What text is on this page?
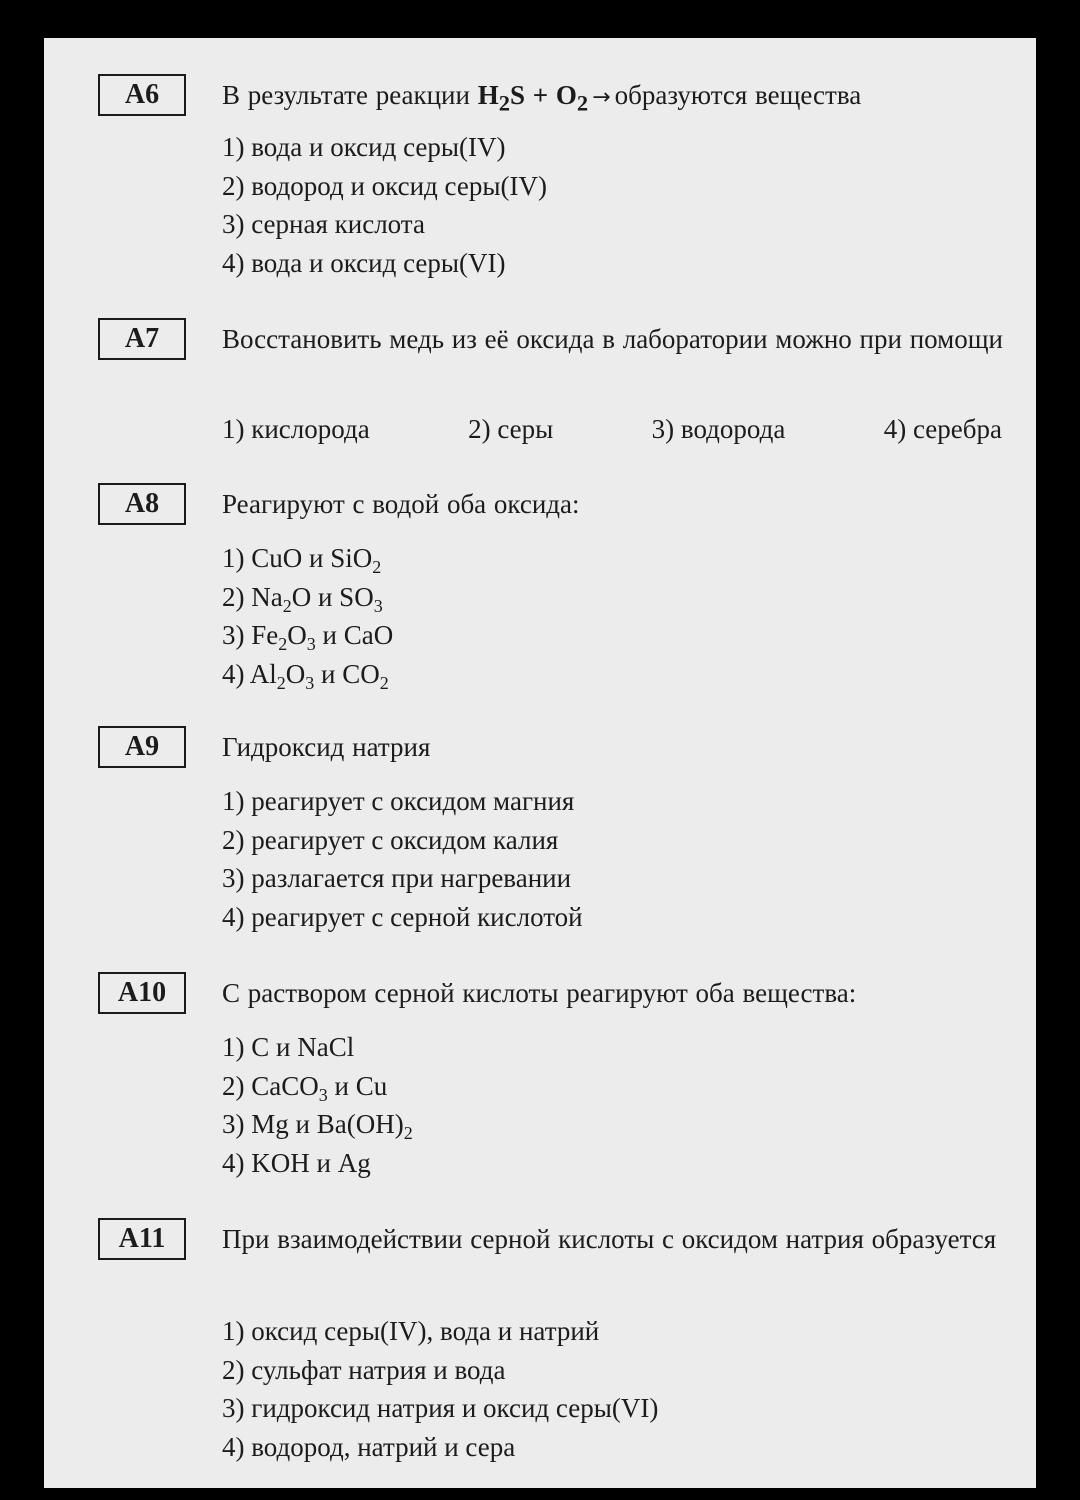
A6	В результате реакции $H_2S + O_2$ → образуются вещества
1) вода и оксид серы(IV)
2) водород и оксид серы(IV)
3) серная кислота
4) вода и оксид серы(VI)
A7	Восстановить медь из её оксида в лаборатории можно при помощи
1) кислорода	2) серы	3) водорода	4) серебра
A8	Реагируют с водой оба оксида:
1) CuO и SiO$_2$
2) $Na_2O$ и $SO_3$
3) $Fe_2O_3$ и CaO
4) $Al_2O_3$ и $CO_2$
A9	Гидроксид натрия
1) реагирует с оксидом магния
2) реагирует с оксидом калия
3) разлагается при нагревании
4) реагирует с серной кислотой
A10	С раствором серной кислоты реагируют оба вещества:
1) C и NaCl
2) CaCO$_3$ и Cu
3) Mg и $Ba(OH)_2$
4) KOH и Ag
A11	При взаимодействии серной кислоты с оксидом натрия образуется
1) оксид серы(IV), вода и натрий
2) сульфат натрия и вода
3) гидроксид натрия и оксид серы(VI)
4) водород, натрий и сера
